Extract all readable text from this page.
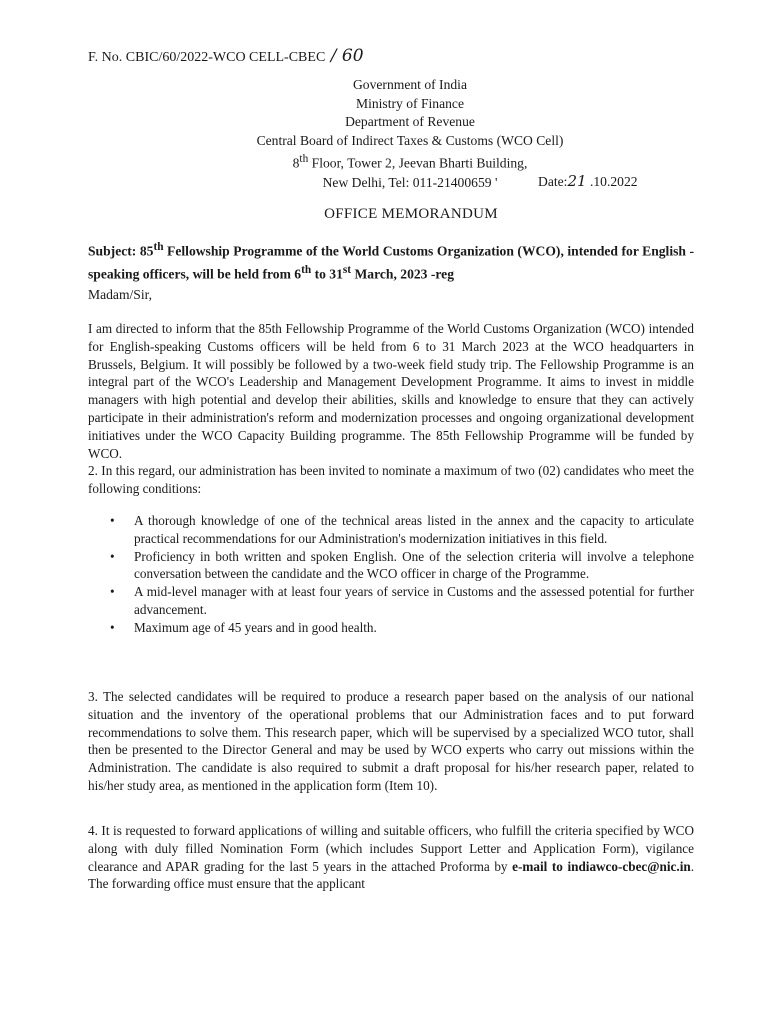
F. No. CBIC/60/2022-WCO CELL-CBEC / 60
Government of India
Ministry of Finance
Department of Revenue
Central Board of Indirect Taxes & Customs (WCO Cell)
8th Floor, Tower 2, Jeevan Bharti Building,
New Delhi, Tel: 011-21400659 '	Date:21 .10.2022
OFFICE MEMORANDUM
Subject: 85th Fellowship Programme of the World Customs Organization (WCO), intended for English -speaking officers, will be held from 6th to 31st March, 2023 -reg
Madam/Sir,
I am directed to inform that the 85th Fellowship Programme of the World Customs Organization (WCO) intended for English-speaking Customs officers will be held from 6 to 31 March 2023 at the WCO headquarters in Brussels, Belgium. It will possibly be followed by a two-week field study trip. The Fellowship Programme is an integral part of the WCO's Leadership and Management Development Programme. It aims to invest in middle managers with high potential and develop their abilities, skills and knowledge to ensure that they can actively participate in their administration's reform and modernization processes and ongoing organizational development initiatives under the WCO Capacity Building programme. The 85th Fellowship Programme will be funded by WCO.
2. In this regard, our administration has been invited to nominate a maximum of two (02) candidates who meet the following conditions:
• A thorough knowledge of one of the technical areas listed in the annex and the capacity to articulate practical recommendations for our Administration's modernization initiatives in this field.
• Proficiency in both written and spoken English. One of the selection criteria will involve a telephone conversation between the candidate and the WCO officer in charge of the Programme.
• A mid-level manager with at least four years of service in Customs and the assessed potential for further advancement.
• Maximum age of 45 years and in good health.
3. The selected candidates will be required to produce a research paper based on the analysis of our national situation and the inventory of the operational problems that our Administration faces and to put forward recommendations to solve them. This research paper, which will be supervised by a specialized WCO tutor, shall then be presented to the Director General and may be used by WCO experts who carry out missions within the Administration. The candidate is also required to submit a draft proposal for his/her research paper, related to his/her study area, as mentioned in the application form (Item 10).
4. It is requested to forward applications of willing and suitable officers, who fulfill the criteria specified by WCO along with duly filled Nomination Form (which includes Support Letter and Application Form), vigilance clearance and APAR grading for the last 5 years in the attached Proforma by e-mail to indiawco-cbec@nic.in. The forwarding office must ensure that the applicant
